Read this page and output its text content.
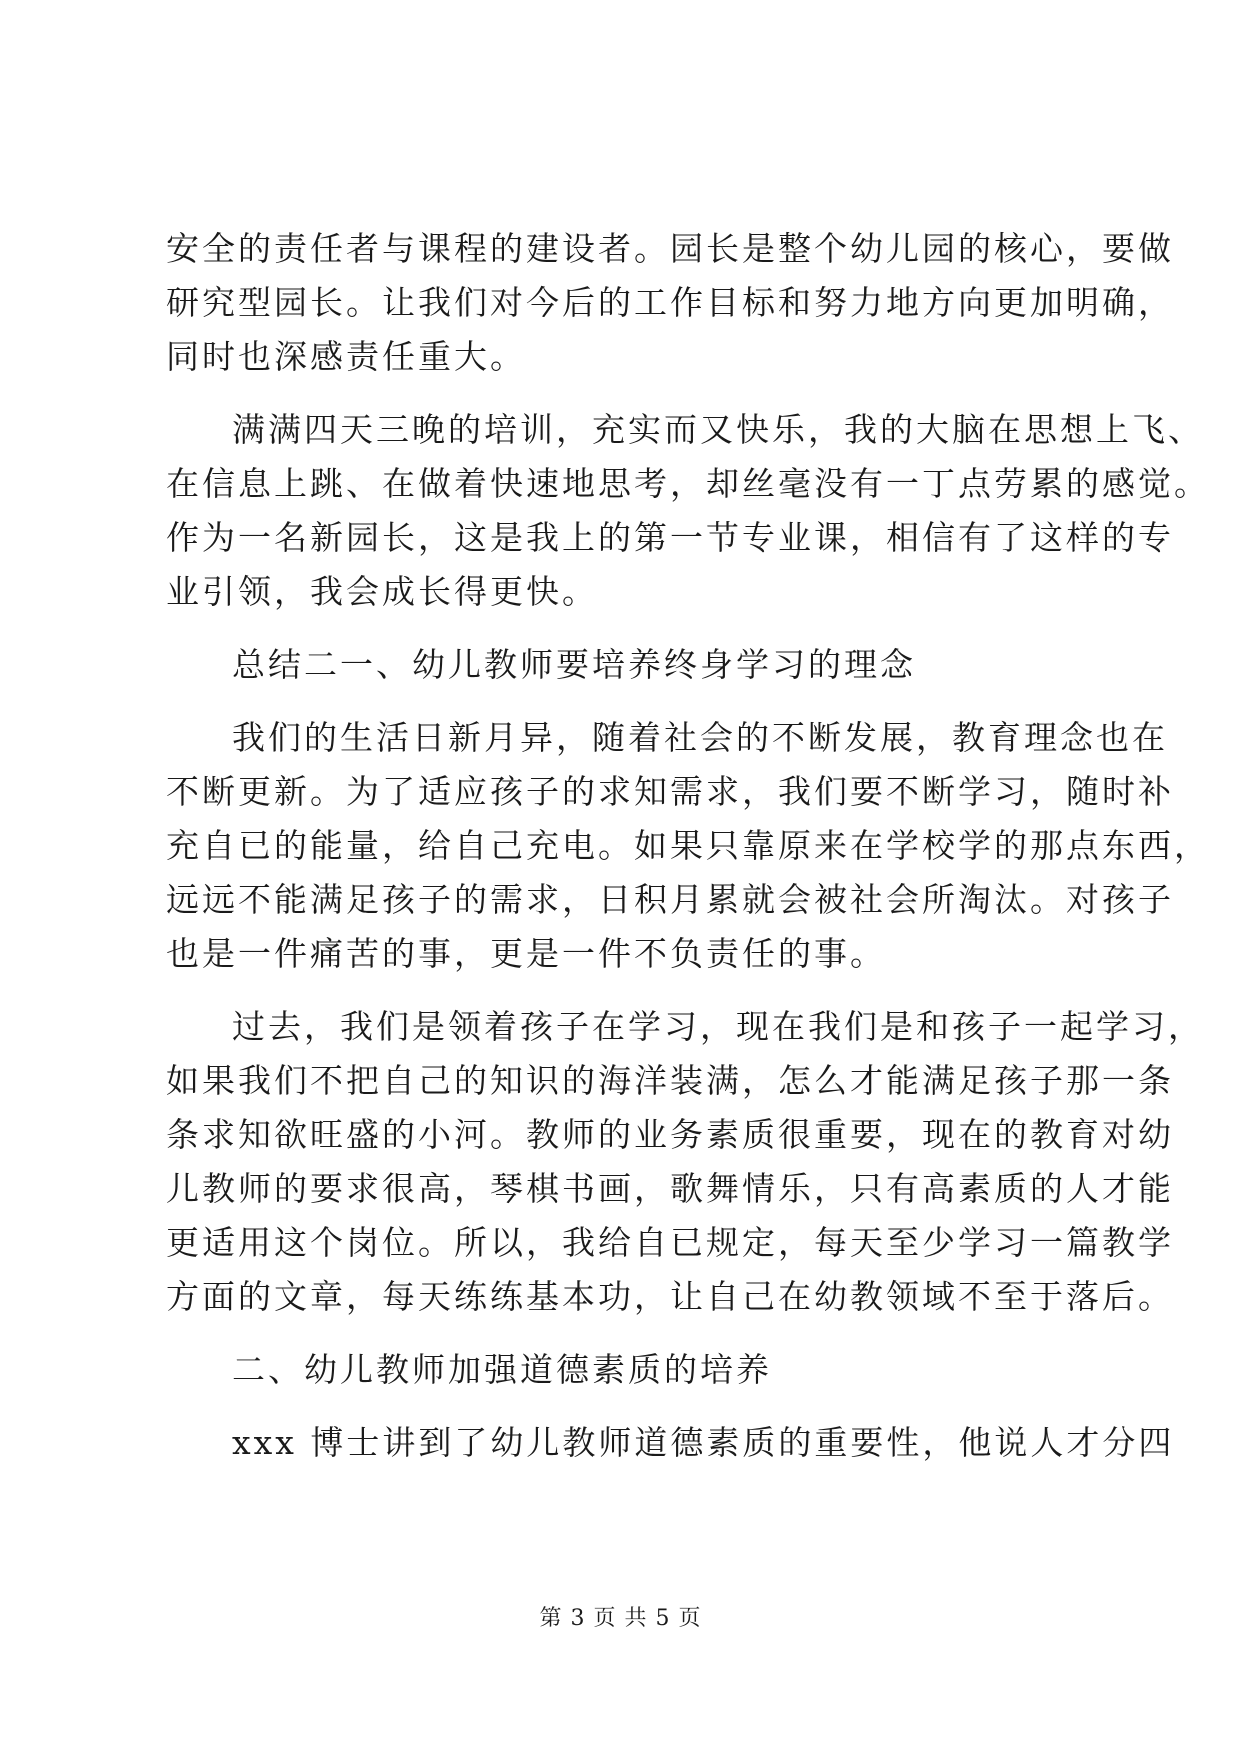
安全的责任者与课程的建设者。园长是整个幼儿园的核心，要做
研究型园长。让我们对今后的工作目标和努力地方向更加明确，
同时也深感责任重大。
满满四天三晚的培训，充实而又快乐，我的大脑在思想上飞、
在信息上跳、在做着快速地思考，却丝毫没有一丁点劳累的感觉。
作为一名新园长，这是我上的第一节专业课，相信有了这样的专
业引领，我会成长得更快。
总结二一、幼儿教师要培养终身学习的理念
我们的生活日新月异，随着社会的不断发展，教育理念也在
不断更新。为了适应孩子的求知需求，我们要不断学习，随时补
充自已的能量，给自己充电。如果只靠原来在学校学的那点东西，
远远不能满足孩子的需求，日积月累就会被社会所淘汰。对孩子
也是一件痛苦的事，更是一件不负责任的事。
过去，我们是领着孩子在学习，现在我们是和孩子一起学习，
如果我们不把自己的知识的海洋装满，怎么才能满足孩子那一条
条求知欲旺盛的小河。教师的业务素质很重要，现在的教育对幼
儿教师的要求很高，琴棋书画，歌舞情乐，只有高素质的人才能
更适用这个岗位。所以，我给自已规定，每天至少学习一篇教学
方面的文章，每天练练基本功，让自己在幼教领域不至于落后。
二、幼儿教师加强道德素质的培养
xxx 博士讲到了幼儿教师道德素质的重要性，他说人才分四
第 3 页 共 5 页
